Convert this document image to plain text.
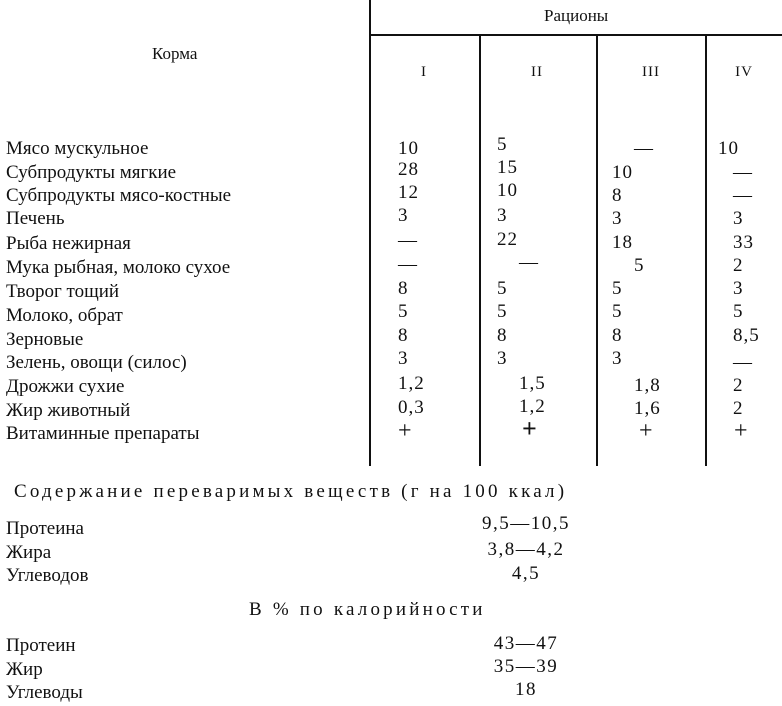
Корма
Рационы
I	II	III	IV
Мясо мускульное	10	5	—	10
Субпродукты мягкие	28	15	10	—
Субпродукты мясо-костные	12	10	8	—
Печень	3	3	3	3
Рыба нежирная	—	22	18	33
Мука рыбная, молоко сухое	—	—	5	2
Творог тощий	8	5	5	3
Молоко, обрат	5	5	5	5
Зерновые	8	8	8	8,5
Зелень, овощи (силос)	3	3	3	—
Дрожжи сухие	1,2	1,5	1,8	2
Жир животный	0,3	1,2	1,6	2
Витаминные препараты	+	+	+	+
Содержание переваримых веществ (г на 100 ккал)
Протеина	9,5—10,5
Жира	3,8—4,2
Углеводов	4,5
В % по калорийности
Протеин	43—47
Жир	35—39
Углеводы	18
